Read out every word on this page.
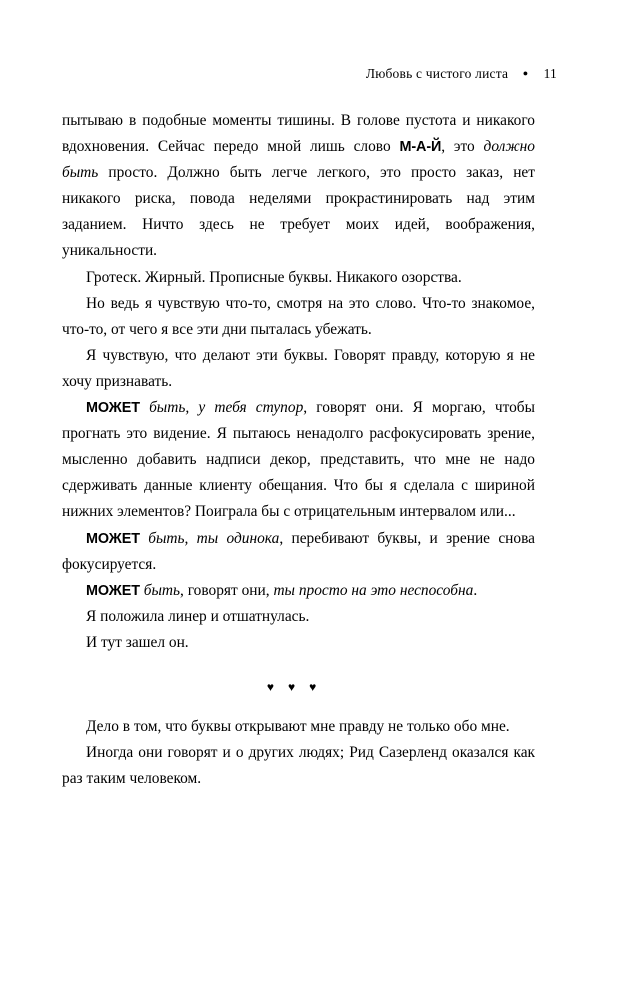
Любовь с чистого листа ● 11

пытываю в подобные моменты тишины. В голове пустота и никакого вдохновения. Сейчас передо мной лишь слово М-А-Й, это должно быть просто. Должно быть легче легкого, это просто заказ, нет никакого риска, повода неделями прокрастинировать над этим заданием. Ничто здесь не требует моих идей, воображения, уникальности.

Гротеск. Жирный. Прописные буквы. Никакого озорства.

Но ведь я чувствую что-то, смотря на это слово. Что-то знакомое, что-то, от чего я все эти дни пыталась убежать.

Я чувствую, что делают эти буквы. Говорят правду, которую я не хочу признавать.

МОЖЕТ быть, у тебя ступор, говорят они. Я моргаю, чтобы прогнать это видение. Я пытаюсь ненадолго расфокусировать зрение, мысленно добавить надписи декор, представить, что мне не надо сдерживать данные клиенту обещания. Что бы я сделала с шириной нижних элементов? Поиграла бы с отрицательным интервалом или...

МОЖЕТ быть, ты одинока, перебивают буквы, и зрение снова фокусируется.

МОЖЕТ быть, говорят они, ты просто на это неспособна.

Я положила линер и отшатнулась.

И тут зашел он.

♥♥♥

Дело в том, что буквы открывают мне правду не только обо мне.

Иногда они говорят и о других людях; Рид Сазерленд оказался как раз таким человеком.
